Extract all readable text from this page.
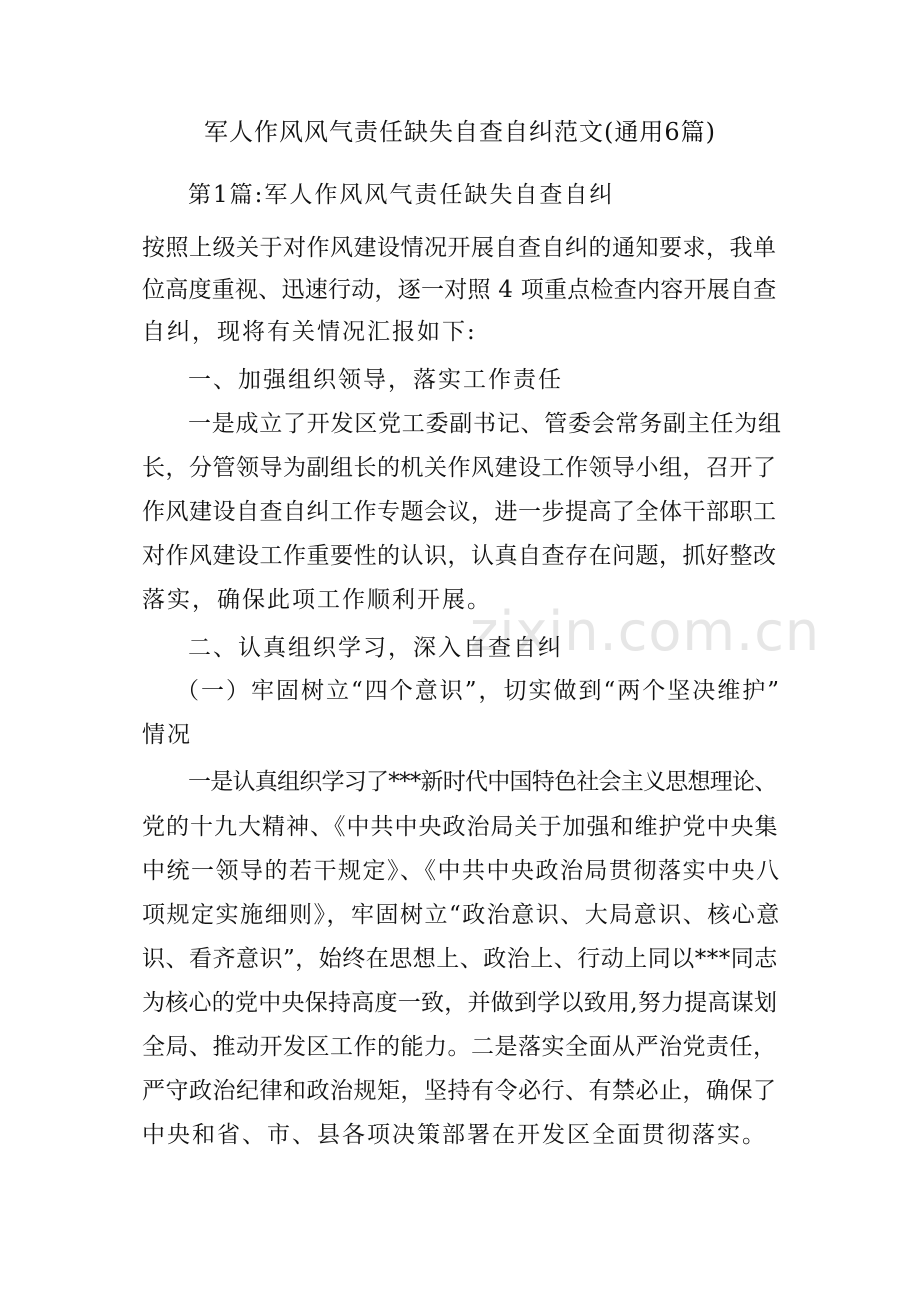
zixin.com.cn
军人作风风气责任缺失自查自纠范文(通用6篇)
第1篇:军人作风风气责任缺失自查自纠
按照上级关于对作风建设情况开展自查自纠的通知要求，我单
位高度重视、迅速行动，逐一对照 4 项重点检查内容开展自查
自纠，现将有关情况汇报如下:
一、加强组织领导，落实工作责任
一是成立了开发区党工委副书记、管委会常务副主任为组
长，分管领导为副组长的机关作风建设工作领导小组，召开了
作风建设自查自纠工作专题会议，进一步提高了全体干部职工
对作风建设工作重要性的认识，认真自查存在问题，抓好整改
落实，确保此项工作顺利开展。
二、认真组织学习，深入自查自纠
（一）牢固树立“四个意识”，切实做到“两个坚决维护”
情况
一是认真组织学习了***新时代中国特色社会主义思想理论、
党的十九大精神、《中共中央政治局关于加强和维护党中央集
中统一领导的若干规定》、《中共中央政治局贯彻落实中央八
项规定实施细则》，牢固树立“政治意识、大局意识、核心意
识、看齐意识”，始终在思想上、政治上、行动上同以***同志
为核心的党中央保持高度一致，并做到学以致用,努力提高谋划
全局、推动开发区工作的能力。二是落实全面从严治党责任，
严守政治纪律和政治规矩，坚持有令必行、有禁必止，确保了
中央和省、市、县各项决策部署在开发区全面贯彻落实。
